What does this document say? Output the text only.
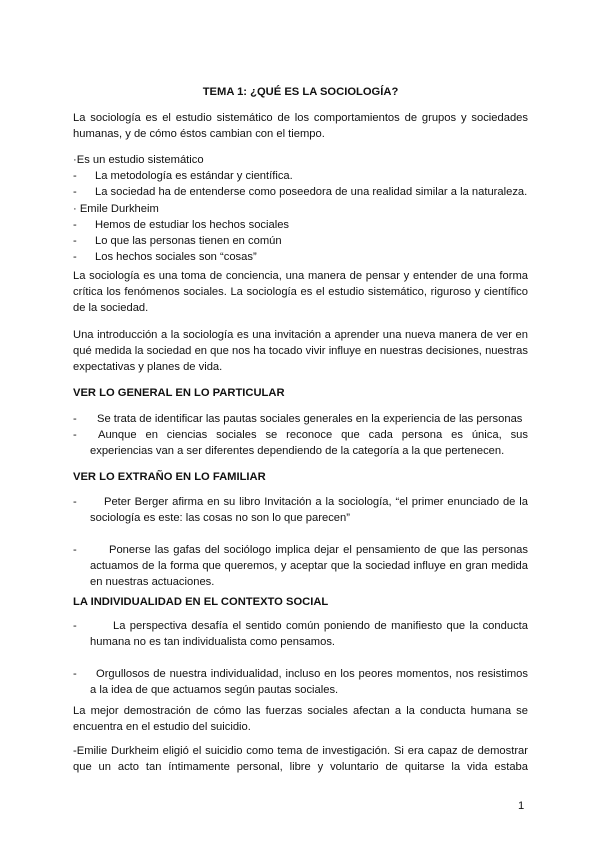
TEMA 1: ¿QUÉ ES LA SOCIOLOGÍA?

La sociología es el estudio sistemático de los comportamientos de grupos y sociedades humanas, y de cómo éstos cambian con el tiempo.

·Es un estudio sistemático
- La metodología es estándar y científica.
- La sociedad ha de entenderse como poseedora de una realidad similar a la naturaleza.
· Emile Durkheim
- Hemos de estudiar los hechos sociales
- Lo que las personas tienen en común
- Los hechos sociales son “cosas”

La sociología es una toma de conciencia, una manera de pensar y entender de una forma crítica los fenómenos sociales. La sociología es el estudio sistemático, riguroso y científico de la sociedad.

Una introducción a la sociología es una invitación a aprender una nueva manera de ver en qué medida la sociedad en que nos ha tocado vivir influye en nuestras decisiones, nuestras expectativas y planes de vida.

VER LO GENERAL EN LO PARTICULAR
-	Se trata de identificar las pautas sociales generales en la experiencia de las personas
-	Aunque en ciencias sociales se reconoce que cada persona es única, sus experiencias van a ser diferentes dependiendo de la categoría a la que pertenecen.
VER LO EXTRAÑO EN LO FAMILIAR
-	Peter Berger afirma en su libro Invitación a la sociología, “el primer enunciado de la sociología es este: las cosas no son lo que parecen”
-	Ponerse las gafas del sociólogo implica dejar el pensamiento de que las personas actuamos de la forma que queremos, y aceptar que la sociedad influye en gran medida en nuestras actuaciones.
LA INDIVIDUALIDAD EN EL CONTEXTO SOCIAL
-	La perspectiva desafía el sentido común poniendo de manifiesto que la conducta humana no es tan individualista como pensamos.
-	Orgullosos de nuestra individualidad, incluso en los peores momentos, nos resistimos a la idea de que actuamos según pautas sociales.

La mejor demostración de cómo las fuerzas sociales afectan a la conducta humana se encuentra en el estudio del suicidio.

-Emilie Durkheim eligió el suicidio como tema de investigación. Si era capaz de demostrar que un acto tan íntimamente personal, libre y voluntario de quitarse la vida estaba

1
